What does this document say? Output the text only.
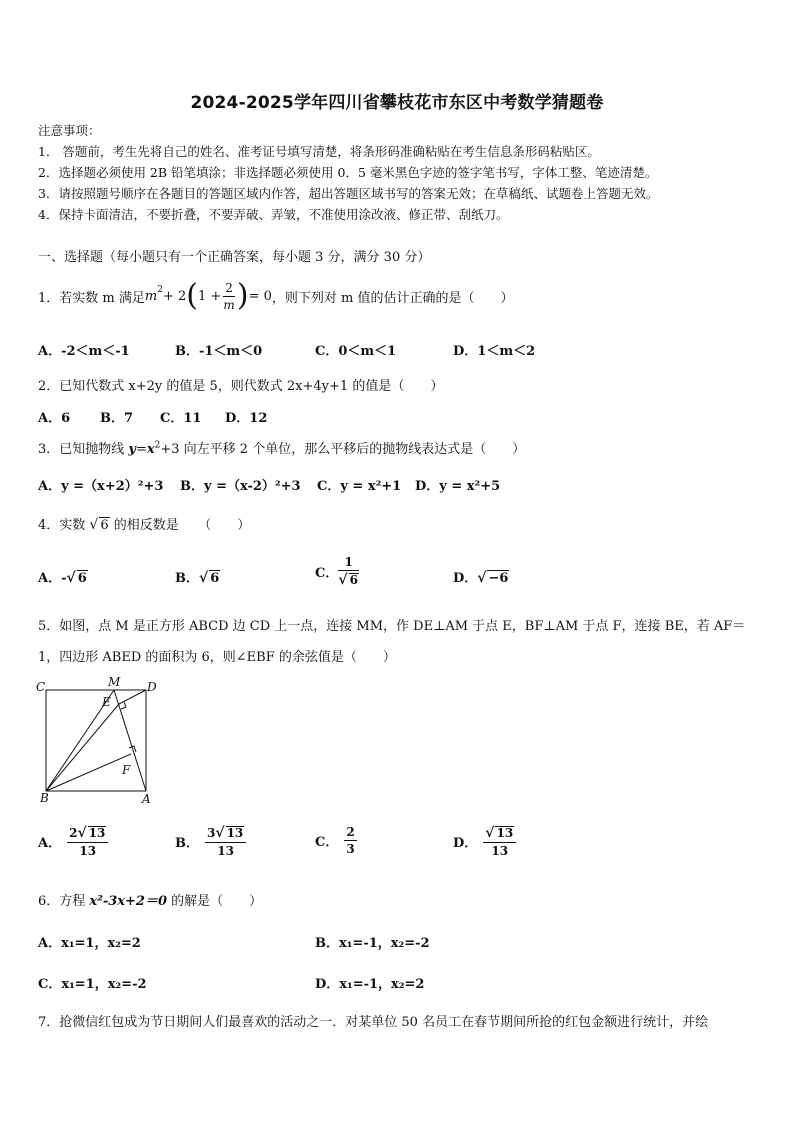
2024-2025学年四川省攀枝花市东区中考数学猜题卷
注意事项：
1． 答题前，考生先将自己的姓名、准考证号填写清楚，将条形码准确粘贴在考生信息条形码粘贴区。
2．选择题必须使用 2B 铅笔填涂；非选择题必须使用 0．5 毫米黑色字迹的签字笔书写，字体工整、笔迹清楚。
3．请按照题号顺序在各题目的答题区域内作答，超出答题区域书写的答案无效；在草稿纸、试题卷上答题无效。
4．保持卡面清洁，不要折叠，不要弄破、弄皱，不准使用涂改液、修正带、刮纸刀。
一、选择题（每小题只有一个正确答案，每小题 3 分，满分 30 分）
1． 若实数 m 满足 $m^2 + 2$ ( $1 + \frac{2}{m}$ ) = 0 ，则下列对 m 值的估计正确的是（　　）
A．-2＜m＜-1	B．-1＜m＜0	C．0＜m＜1	D．1＜m＜2
2．已知代数式 x+2y 的值是 5，则代数式 2x+4y+1 的值是（　　）
A．6 B．7 C．11 D．12
3．已知抛物线 $y=x^2+3$ 向左平移 2 个单位，那么平移后的抛物线表达式是（　　）
A．y =（x+2）²+3 B．y =（x-2）²+3 C．y = x²+1 D．y = x²+5
4．实数 √ 6 的相反数是　　（　　）
A．-√ 6	B．√ 6	C． $\frac{1}{√ 6}$	D．√ −6
5．如图，点 M 是正方形 ABCD 边 CD 上一点，连接 MM，作 DE⊥AM 于点 E，BF⊥AM 于点 F，连接 BE，若 AF＝
1，四边形 ABED 的面积为 6，则∠EBF 的余弦值是（　　）
C	M D
E
F
B	A
A． $\frac{2√ 13}{13}$	B． $\frac{3√ 13}{13}$	C． $\frac{2}{3}$	D． $\frac{√ 13}{13}$
6．方程 x²-3x+2＝0 的解是（　　）
A．x₁=1，x₂=2	B．x₁=-1，x₂=-2
C．x₁=1，x₂=-2	D．x₁=-1，x₂=2
7．抢微信红包成为节日期间人们最喜欢的活动之一．对某单位 50 名员工在春节期间所抢的红包金额进行统计，并绘
